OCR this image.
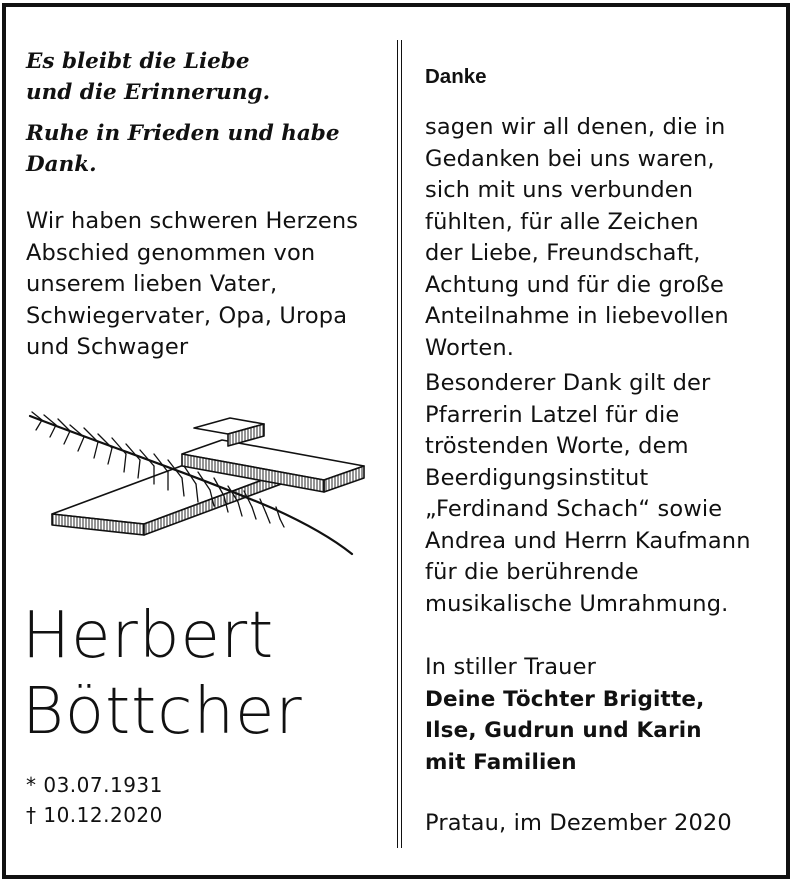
Es bleibt die Liebe
und die Erinnerung.

Ruhe in Frieden und habe
Dank.

Wir haben schweren Herzens
Abschied genommen von
unserem lieben Vater,
Schwiegervater, Opa, Uropa
und Schwager

Herbert
Böttcher

* 03.07.1931
† 10.12.2020

Danke

sagen wir all denen, die in
Gedanken bei uns waren,
sich mit uns verbunden
fühlten, für alle Zeichen
der Liebe, Freundschaft,
Achtung und für die große
Anteilnahme in liebevollen
Worten.

Besonderer Dank gilt der
Pfarrerin Latzel für die
tröstenden Worte, dem
Beerdigungsinstitut
„Ferdinand Schach“ sowie
Andrea und Herrn Kaufmann
für die berührende
musikalische Umrahmung.

In stiller Trauer
Deine Töchter Brigitte,
Ilse, Gudrun und Karin
mit Familien

Pratau, im Dezember 2020
